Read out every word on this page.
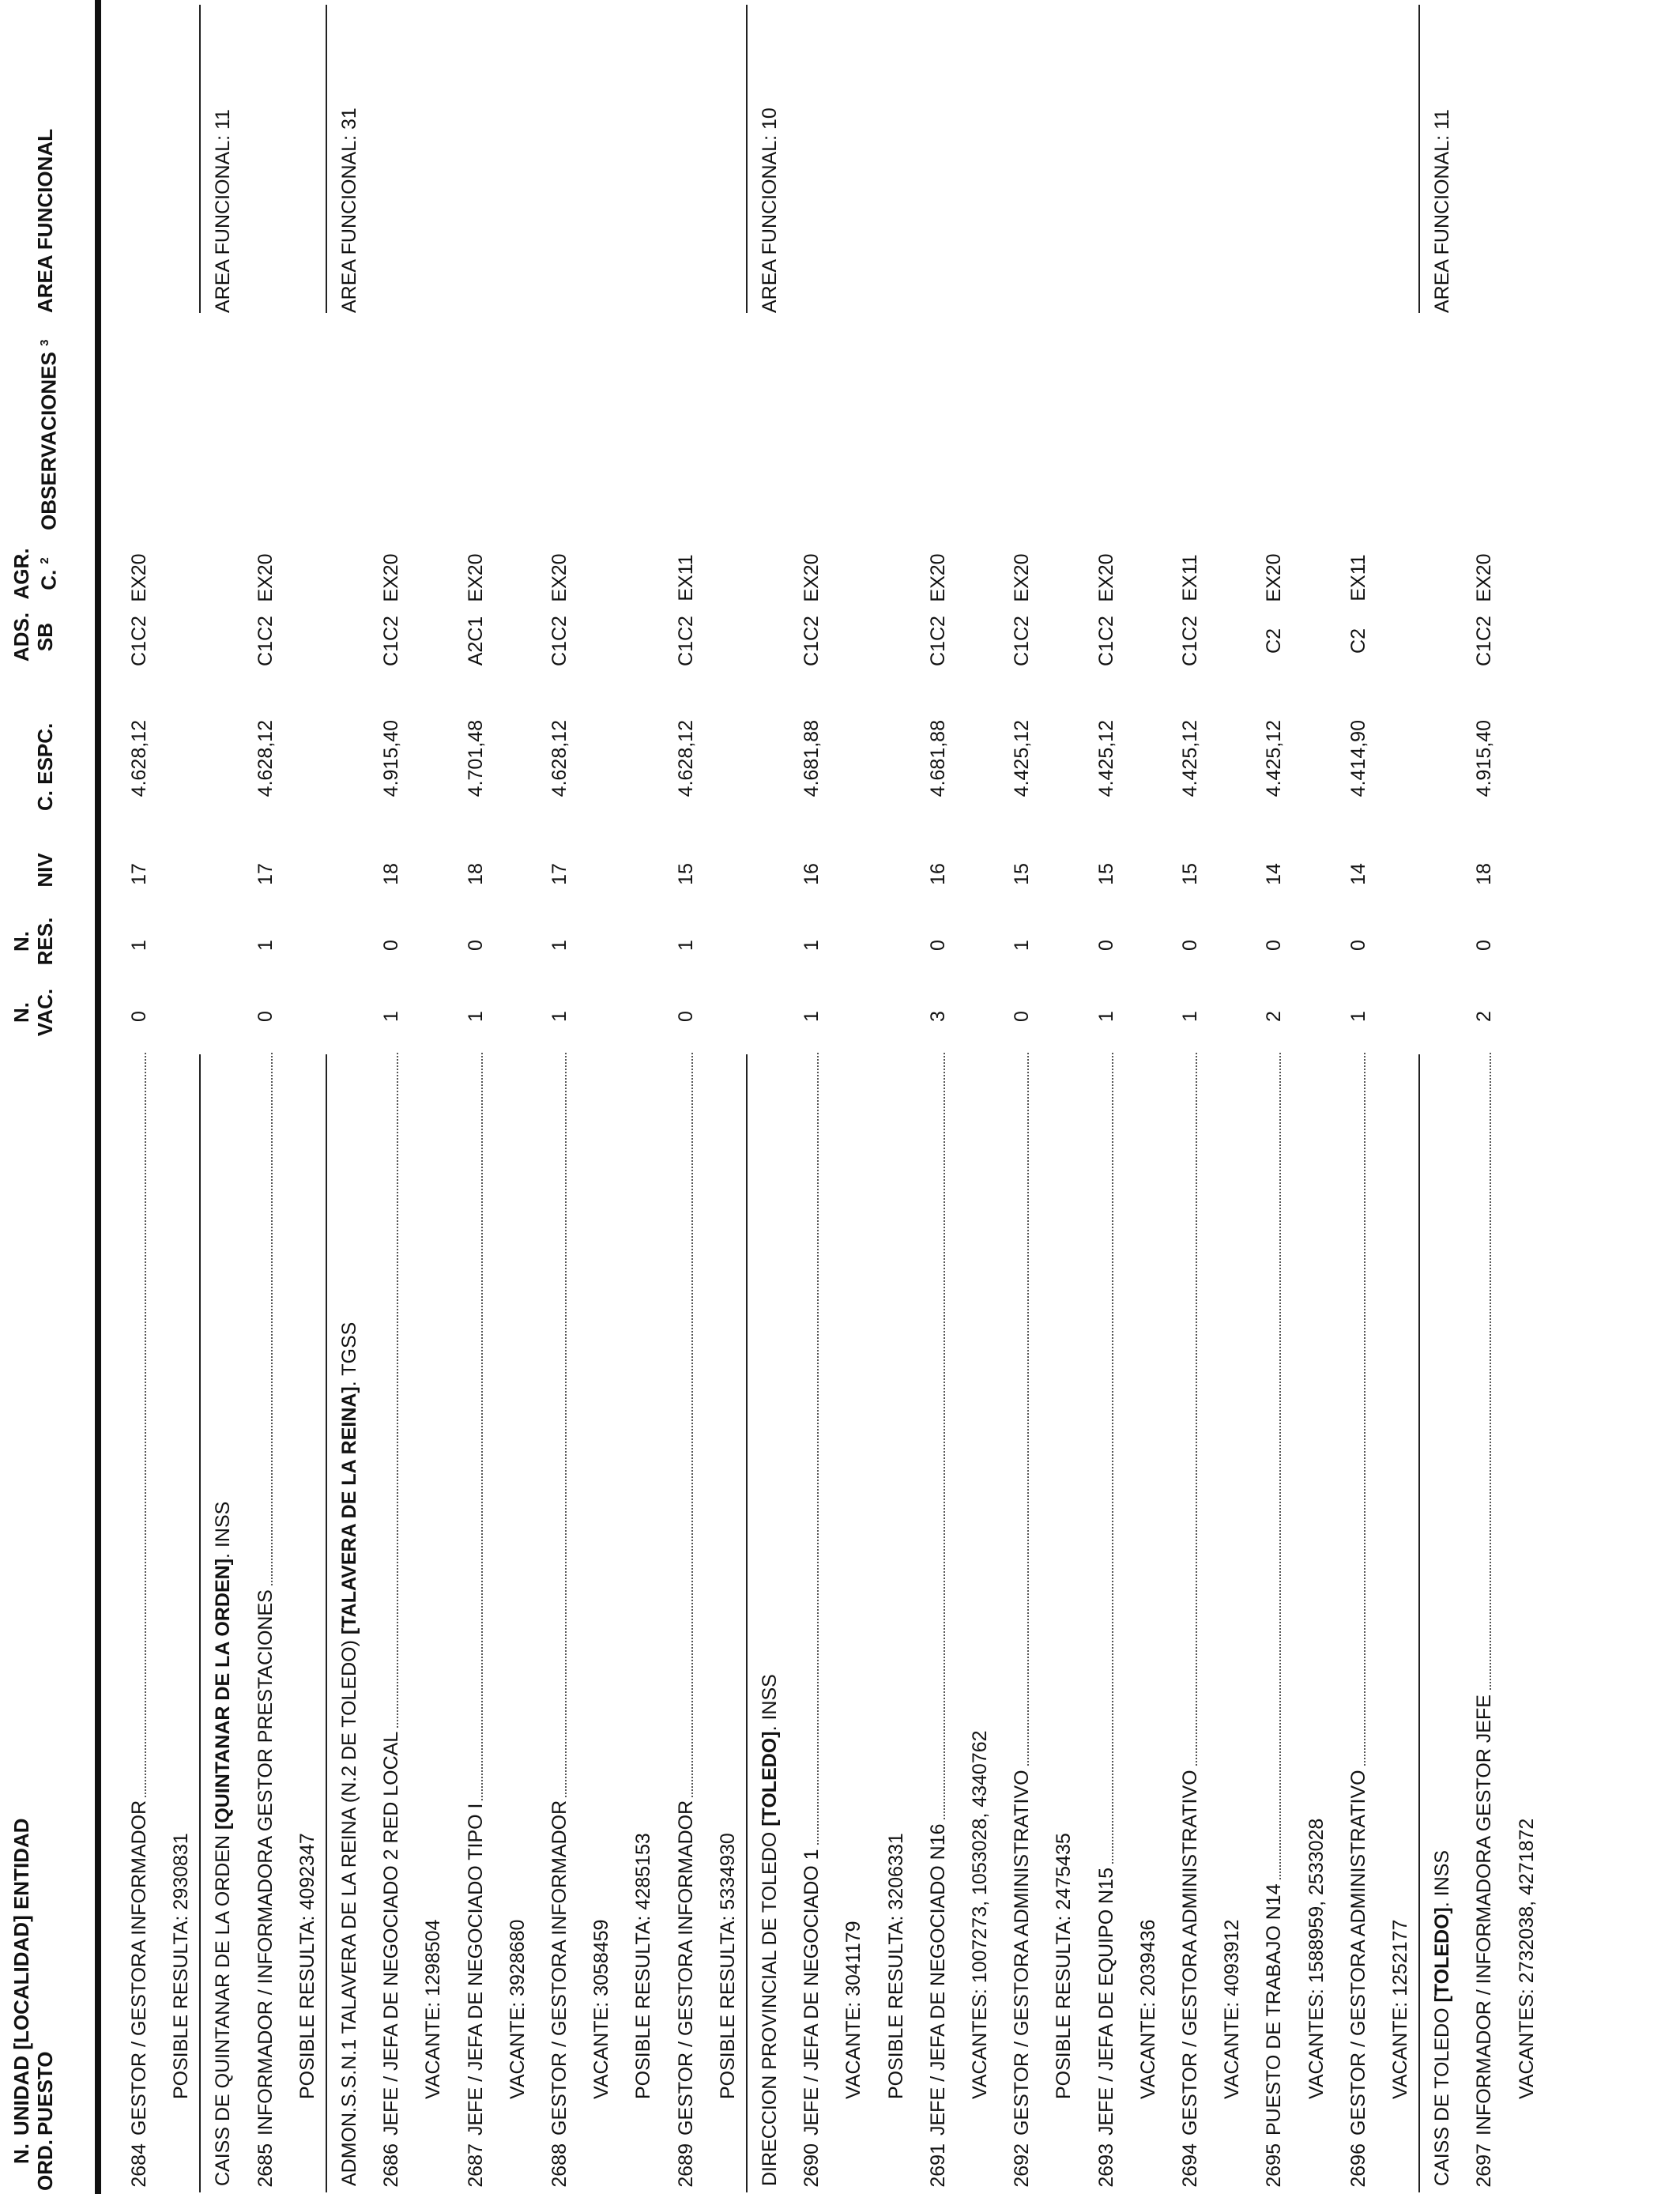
N. ORD.
UNIDAD [LOCALIDAD] ENTIDAD PUESTO
N. VAC.
N. RES.
NIV
C. ESPC.
ADS. SB
AGR. C. $^2$
OBSERVACIONES $^3$
AREA FUNCIONAL
2684
GESTOR / GESTORA INFORMADOR
0
1
17
4.628,12
C1C2
EX20
POSIBLE RESULTA: 2930831 CAISS DE QUINTANAR DE LA ORDEN [QUINTANAR DE LA ORDEN]. INSS
AREA FUNCIONAL: 11
2685
INFORMADOR / INFORMADORA GESTOR PRESTACIONES
0
1
17
4.628,12
C1C2
EX20
POSIBLE RESULTA: 4092347 ADMON.S.S.N.1 TALAVERA DE LA REINA (N.2 DE TOLEDO) [TALAVERA DE LA REINA]. TGSS
AREA FUNCIONAL: 31
2686
JEFE / JEFA DE NEGOCIADO 2 RED LOCAL
1
0
18
4.915,40
C1C2
EX20
VACANTE: 1298504
2687
JEFE / JEFA DE NEGOCIADO TIPO I
1
0
18
4.701,48
A2C1
EX20
VACANTE: 3928680
2688
GESTOR / GESTORA INFORMADOR
1
1
17
4.628,12
C1C2
EX20
VACANTE: 3058459 POSIBLE RESULTA: 4285153
2689
GESTOR / GESTORA INFORMADOR
0
1
15
4.628,12
C1C2
EX11
POSIBLE RESULTA: 5334930 DIRECCION PROVINCIAL DE TOLEDO [TOLEDO]. INSS
AREA FUNCIONAL: 10
2690
JEFE / JEFA DE NEGOCIADO 1
1
1
16
4.681,88
C1C2
EX20
VACANTE: 3041179 POSIBLE RESULTA: 3206331
2691
JEFE / JEFA DE NEGOCIADO N16
3
0
16
4.681,88
C1C2
EX20
VACANTES: 1007273, 1053028, 4340762
2692
GESTOR / GESTORA ADMINISTRATIVO
0
1
15
4.425,12
C1C2
EX20
POSIBLE RESULTA: 2475435
2693
JEFE / JEFA DE EQUIPO N15
1
0
15
4.425,12
C1C2
EX20
VACANTE: 2039436
2694
GESTOR / GESTORA ADMINISTRATIVO
1
0
15
4.425,12
C1C2
EX11
VACANTE: 4093912
2695
PUESTO DE TRABAJO N14
2
0
14
4.425,12
C2
EX20
VACANTES: 1588959, 2533028
2696
GESTOR / GESTORA ADMINISTRATIVO
1
0
14
4.414,90
C2
EX11
VACANTE: 1252177 CAISS DE TOLEDO [TOLEDO]. INSS
AREA FUNCIONAL: 11
2697
INFORMADOR / INFORMADORA GESTOR JEFE
2
0
18
4.915,40
C1C2
EX20
VACANTES: 2732038, 4271872
